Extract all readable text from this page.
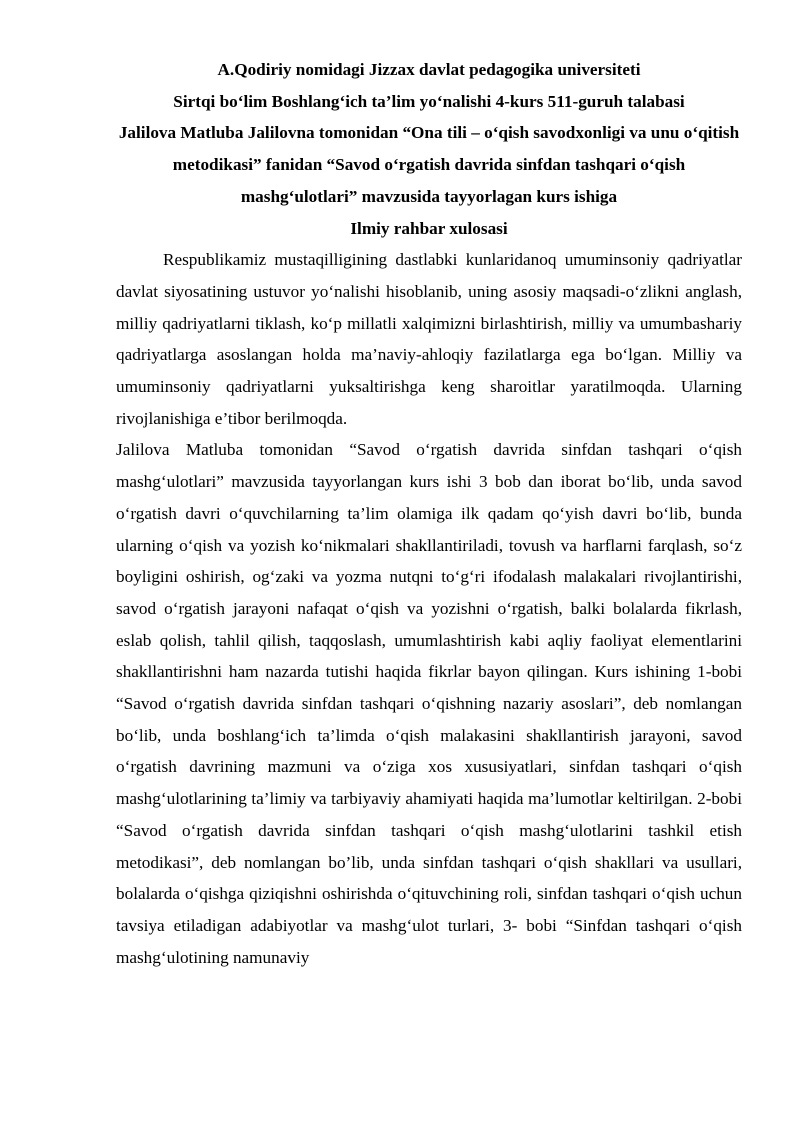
A.Qodiriy nomidagi Jizzax davlat pedagogika universiteti

Sirtqi bo‘lim Boshlang‘ich ta’lim yo‘nalishi 4-kurs 511-guruh talabasi

Jalilova Matluba Jalilovna tomonidan “Ona tili – o‘qish savodxonligi va unu o‘qitish metodikasi” fanidan “Savod o‘rgatish davrida sinfdan tashqari o‘qish mashg‘ulotlari” mavzusida tayyorlagan kurs ishiga

Ilmiy rahbar xulosasi

Respublikamiz mustaqilligining dastlabki kunlaridanoq umuminsoniy qadriyatlar davlat siyosatining ustuvor yo‘nalishi hisoblanib, uning asosiy maqsadi-o‘zlikni anglash, milliy qadriyatlarni tiklash, ko‘p millatli xalqimizni birlashtirish, milliy va umumbashariy qadriyatlarga asoslangan holda ma’naviy-ahloqiy fazilatlarga ega bo‘lgan. Milliy va umuminsoniy qadriyatlarni yuksaltirishga keng sharoitlar yaratilmoqda. Ularning rivojlanishiga e’tibor berilmoqda.

Jalilova Matluba tomonidan “Savod o‘rgatish davrida sinfdan tashqari o‘qish mashg‘ulotlari” mavzusida tayyorlangan kurs ishi 3 bob dan iborat bo‘lib, unda savod o‘rgatish davri o‘quvchilarning ta’lim olamiga ilk qadam qo‘yish davri bo‘lib, bunda ularning o‘qish va yozish ko‘nikmalari shakllantiriladi, tovush va harflarni farqlash, so‘z boyligini oshirish, og‘zaki va yozma nutqni to‘g‘ri ifodalash malakalari rivojlantirishi, savod o‘rgatish jarayoni nafaqat o‘qish va yozishni o‘rgatish, balki bolalarda fikrlash, eslab qolish, tahlil qilish, taqqoslash, umumlashtirish kabi aqliy faoliyat elementlarini shakllantirishni ham nazarda tutishi haqida fikrlar bayon qilingan. Kurs ishining 1-bobi “Savod o‘rgatish davrida sinfdan tashqari o‘qishning nazariy asoslari”, deb nomlangan bo‘lib, unda boshlang‘ich ta’limda o‘qish malakasini shakllantirish jarayoni, savod o‘rgatish davrining mazmuni va o‘ziga xos xususiyatlari, sinfdan tashqari o‘qish mashg‘ulotlarining ta’limiy va tarbiyaviy ahamiyati haqida ma’lumotlar keltirilgan. 2-bobi “Savod o‘rgatish davrida sinfdan tashqari o‘qish mashg‘ulotlarini tashkil etish metodikasi”, deb nomlangan bo’lib, unda sinfdan tashqari o‘qish shakllari va usullari, bolalarda o‘qishga qiziqishni oshirishda o‘qituvchining roli, sinfdan tashqari o‘qish uchun tavsiya etiladigan adabiyotlar va mashg‘ulot turlari, 3- bobi “Sinfdan tashqari o‘qish mashg‘ulotining namunaviy
